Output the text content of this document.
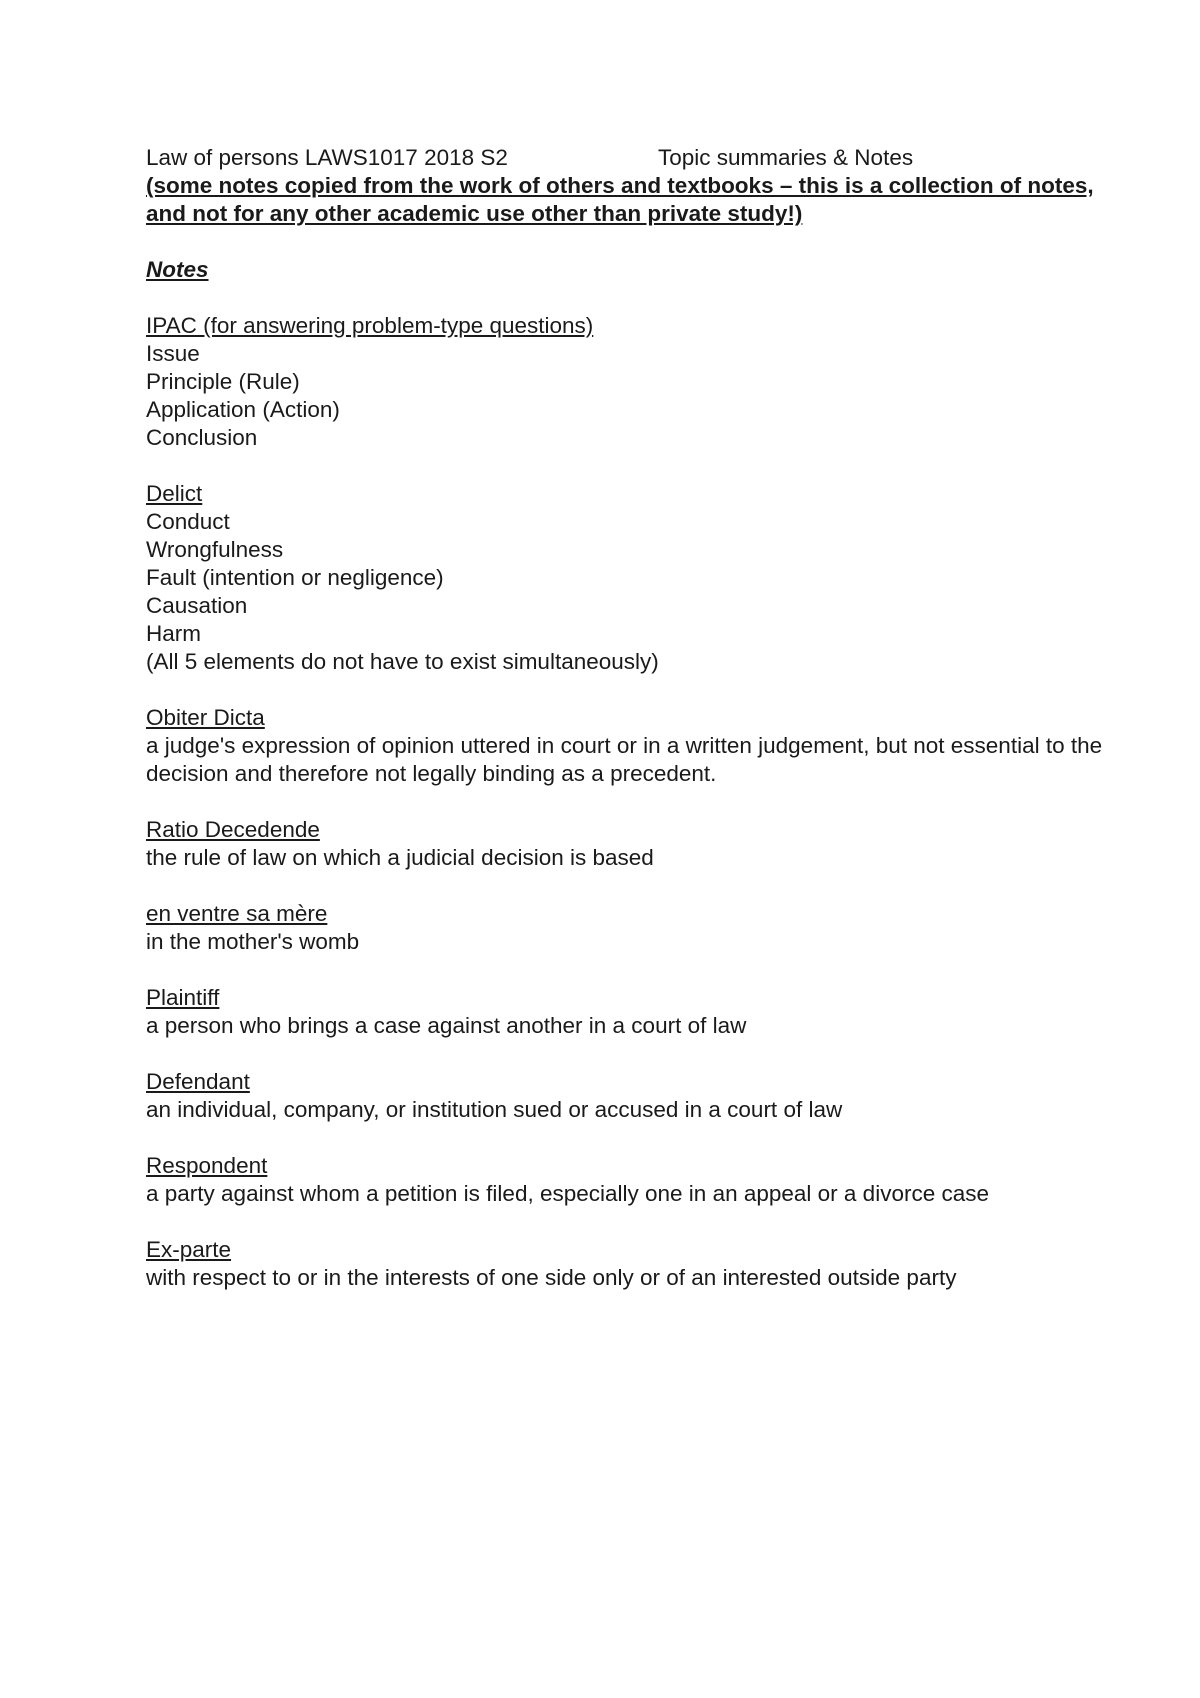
Law of persons LAWS1017 2018 S2	Topic summaries & Notes
(some notes copied from the work of others and textbooks – this is a collection of notes, and not for any other academic use other than private study!)
Notes
IPAC (for answering problem-type questions)
Issue
Principle (Rule)
Application (Action)
Conclusion
Delict
Conduct
Wrongfulness
Fault (intention or negligence)
Causation
Harm
(All 5 elements do not have to exist simultaneously)
Obiter Dicta
a judge's expression of opinion uttered in court or in a written judgement, but not essential to the decision and therefore not legally binding as a precedent.
Ratio Decedende
the rule of law on which a judicial decision is based
en ventre sa mère
in the mother's womb
Plaintiff
a person who brings a case against another in a court of law
Defendant
an individual, company, or institution sued or accused in a court of law
Respondent
a party against whom a petition is filed, especially one in an appeal or a divorce case
Ex-parte
with respect to or in the interests of one side only or of an interested outside party
